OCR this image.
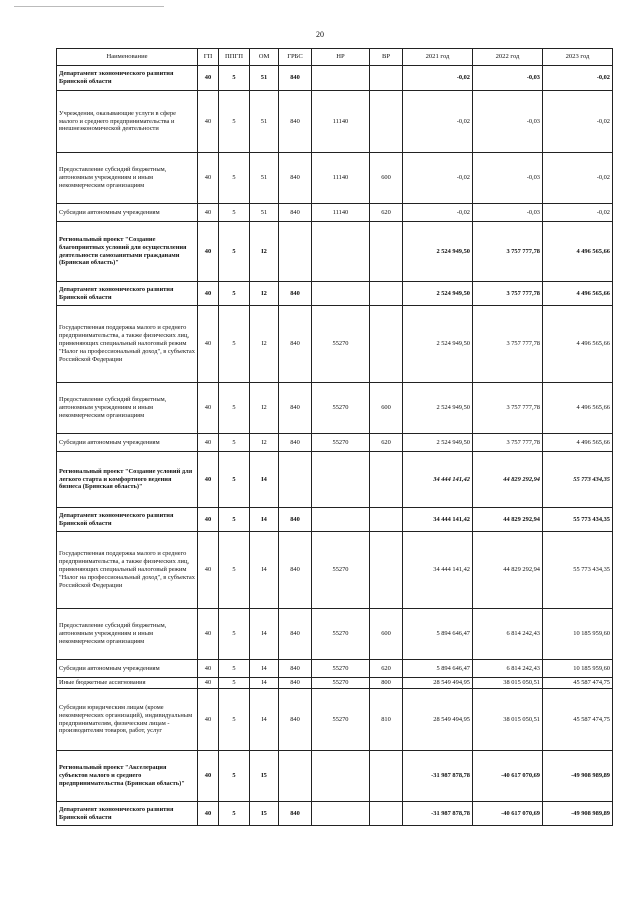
20
Наименование	ГП	ППГП	ОМ	ГРБС	НР	ВР	2021 год	2022 год	2023 год
Департамент экономического развития Брянской области	40	5	51	840			-0,02	-0,03	-0,02
Учреждения, оказывающие услуги в сфере малого и среднего предпринимательства и внешнеэкономической деятельности	40	5	51	840	11140		-0,02	-0,03	-0,02
Предоставление субсидий бюджетным, автономным учреждениям и иным некоммерческим организациям	40	5	51	840	11140	600	-0,02	-0,03	-0,02
Субсидии автономным учреждениям	40	5	51	840	11140	620	-0,02	-0,03	-0,02
Региональный проект "Создание благоприятных условий для осуществления деятельности самозанятыми гражданами (Брянская область)"	40	5	I2				2 524 949,50	3 757 777,78	4 496 565,66
Департамент экономического развития Брянской области	40	5	I2	840			2 524 949,50	3 757 777,78	4 496 565,66
Государственная поддержка малого и среднего предпринимательства, а также физических лиц, применяющих специальный налоговый режим "Налог на профессиональный доход", в субъектах Российской Федерации	40	5	I2	840	55270		2 524 949,50	3 757 777,78	4 496 565,66
Предоставление субсидий бюджетным, автономным учреждениям и иным некоммерческим организациям	40	5	I2	840	55270	600	2 524 949,50	3 757 777,78	4 496 565,66
Субсидии автономным учреждениям	40	5	I2	840	55270	620	2 524 949,50	3 757 777,78	4 496 565,66
Региональный проект "Создание условий для легкого старта и комфортного ведения бизнеса (Брянская область)"	40	5	I4				34 444 141,42	44 829 292,94	55 773 434,35
Департамент экономического развития Брянской области	40	5	I4	840			34 444 141,42	44 829 292,94	55 773 434,35
Государственная поддержка малого и среднего предпринимательства, а также физических лиц, применяющих специальный налоговый режим "Налог на профессиональный доход", в субъектах Российской Федерации	40	5	I4	840	55270		34 444 141,42	44 829 292,94	55 773 434,35
Предоставление субсидий бюджетным, автономным учреждениям и иным некоммерческим организациям	40	5	I4	840	55270	600	5 894 646,47	6 814 242,43	10 185 959,60
Субсидии автономным учреждениям	40	5	I4	840	55270	620	5 894 646,47	6 814 242,43	10 185 959,60
Иные бюджетные ассигнования	40	5	I4	840	55270	800	28 549 494,95	38 015 050,51	45 587 474,75
Субсидии юридическим лицам (кроме некоммерческих организаций), индивидуальным предпринимателям, физическим лицам - производителям товаров, работ, услуг	40	5	I4	840	55270	810	28 549 494,95	38 015 050,51	45 587 474,75
Региональный проект "Акселерация субъектов малого и среднего предпринимательства (Брянская область)"	40	5	I5				-31 987 878,78	-40 617 070,69	-49 908 989,89
Департамент экономического развития Брянской области	40	5	I5	840			-31 987 878,78	-40 617 070,69	-49 908 989,89
